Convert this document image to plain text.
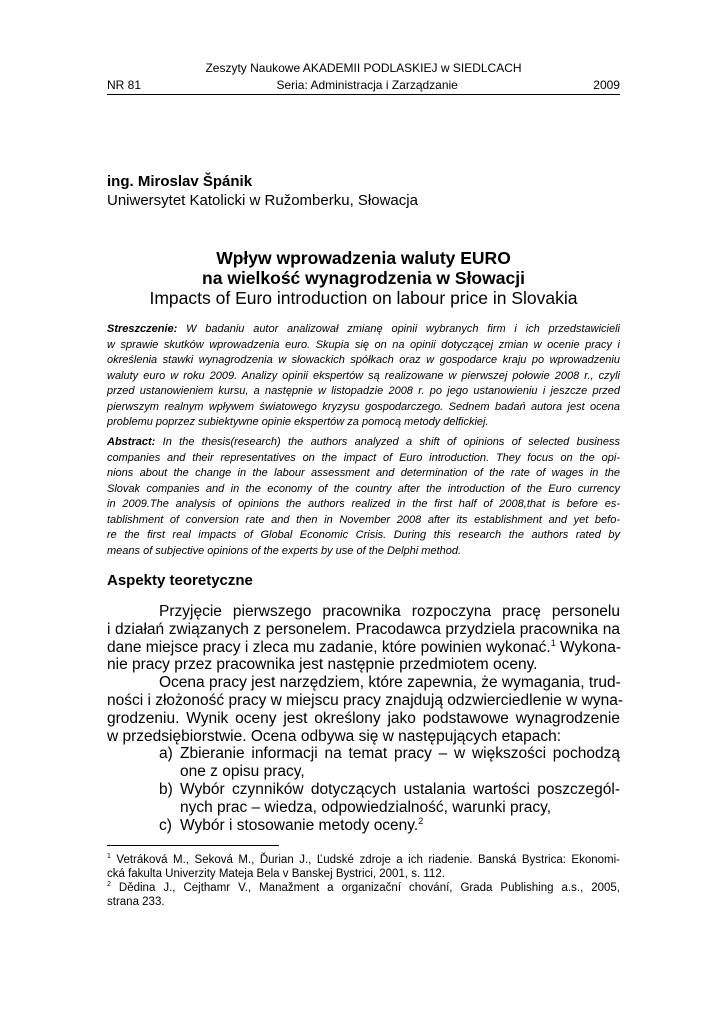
Zeszyty Naukowe AKADEMII PODLASKIEJ w SIEDLCACH
NR 81	Seria: Administracja i Zarządzanie	2009
ing. Miroslav Špánik
Uniwersytet Katolicki w Ružomberku, Słowacja
Wpływ wprowadzenia waluty EURO
na wielkość wynagrodzenia w Słowacji
Impacts of Euro introduction on labour price in Slovakia
Streszczenie: W badaniu autor analizował zmianę opinii wybranych firm i ich przedstawicieli
w sprawie skutków wprowadzenia euro. Skupia się on na opinii dotyczącej zmian w ocenie pracy i
określenia stawki wynagrodzenia w słowackich spółkach oraz w gospodarce kraju po wprowadzeniu
waluty euro w roku 2009. Analizy opinii ekspertów są realizowane w pierwszej połowie 2008 r., czyli
przed ustanowieniem kursu, a następnie w listopadzie 2008 r. po jego ustanowieniu i jeszcze przed
pierwszym realnym wpływem światowego kryzysu gospodarczego. Sednem badań autora jest ocena
problemu poprzez subiektywne opinie ekspertów za pomocą metody delfickiej.
Abstract: In the thesis(research) the authors analyzed a shift of opinions of selected business
companies and their representatives on the impact of Euro introduction. They focus on the opi-
nions about the change in the labour assessment and determination of the rate of wages in the
Slovak companies and in the economy of the country after the introduction of the Euro currency
in 2009.The analysis of opinions the authors realized in the first half of 2008,that is before es-
tablishment of conversion rate and then in November 2008 after its establishment and yet befo-
re the first real impacts of Global Economic Crisis. During this research the authors rated by
means of subjective opinions of the experts by use of the Delphi method.
Aspekty teoretyczne
Przyjęcie pierwszego pracownika rozpoczyna pracę personelu
i działań związanych z personelem. Pracodawca przydziela pracownika na
dane miejsce pracy i zleca mu zadanie, które powinien wykonać.$^1$ Wykona-
nie pracy przez pracownika jest następnie przedmiotem oceny.
Ocena pracy jest narzędziem, które zapewnia, że wymagania, trud-
ności i złożoność pracy w miejscu pracy znajdują odzwierciedlenie w wyna-
grodzeniu. Wynik oceny jest określony jako podstawowe wynagrodzenie
w przedsiębiorstwie. Ocena odbywa się w następujących etapach:
a) Zbieranie informacji na temat pracy – w większości pochodzą
one z opisu pracy,
b) Wybór czynników dotyczących ustalania wartości poszczegól-
nych prac – wiedza, odpowiedzialność, warunki pracy,
c) Wybór i stosowanie metody oceny.$^2$
$^1$ Vetráková M., Seková M., Ďurian J., Ľudské zdroje a ich riadenie. Banská Bystrica: Ekonomi-
cká fakulta Univerzity Mateja Bela v Banskej Bystrici, 2001, s. 112.
$^2$ Dědina J., Cejthamr V., Manažment a organizační chování, Grada Publishing a.s., 2005,
strana 233.
